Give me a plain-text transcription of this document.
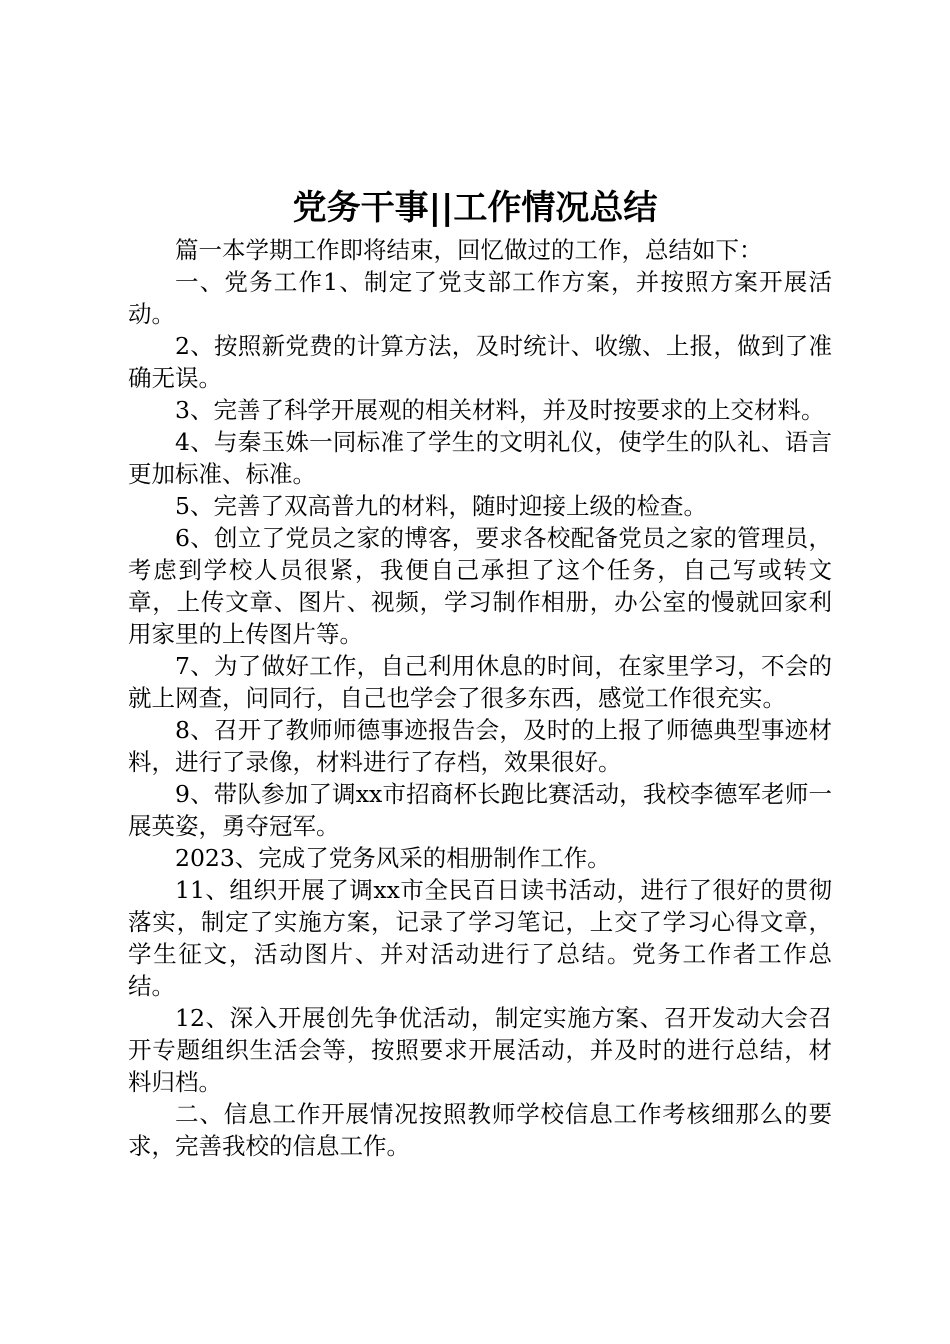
党务干事||工作情况总结

篇一本学期工作即将结束，回忆做过的工作，总结如下：

一、党务工作1、制定了党支部工作方案，并按照方案开展活动。

2、按照新党费的计算方法，及时统计、收缴、上报，做到了准确无误。

3、完善了科学开展观的相关材料，并及时按要求的上交材料。

4、与秦玉姝一同标准了学生的文明礼仪，使学生的队礼、语言更加标准、标准。

5、完善了双高普九的材料，随时迎接上级的检查。

6、创立了党员之家的博客，要求各校配备党员之家的管理员，考虑到学校人员很紧，我便自己承担了这个任务，自己写或转文章，上传文章、图片、视频，学习制作相册，办公室的慢就回家利用家里的上传图片等。

7、为了做好工作，自己利用休息的时间，在家里学习，不会的就上网查，问同行，自己也学会了很多东西，感觉工作很充实。

8、召开了教师师德事迹报告会，及时的上报了师德典型事迹材料，进行了录像，材料进行了存档，效果很好。

9、带队参加了调xx市招商杯长跑比赛活动，我校李德军老师一展英姿，勇夺冠军。

2023、完成了党务风采的相册制作工作。

11、组织开展了调xx市全民百日读书活动，进行了很好的贯彻落实，制定了实施方案，记录了学习笔记，上交了学习心得文章，学生征文，活动图片、并对活动进行了总结。党务工作者工作总结。

12、深入开展创先争优活动，制定实施方案、召开发动大会召开专题组织生活会等，按照要求开展活动，并及时的进行总结，材料归档。

二、信息工作开展情况按照教师学校信息工作考核细那么的要求，完善我校的信息工作。
